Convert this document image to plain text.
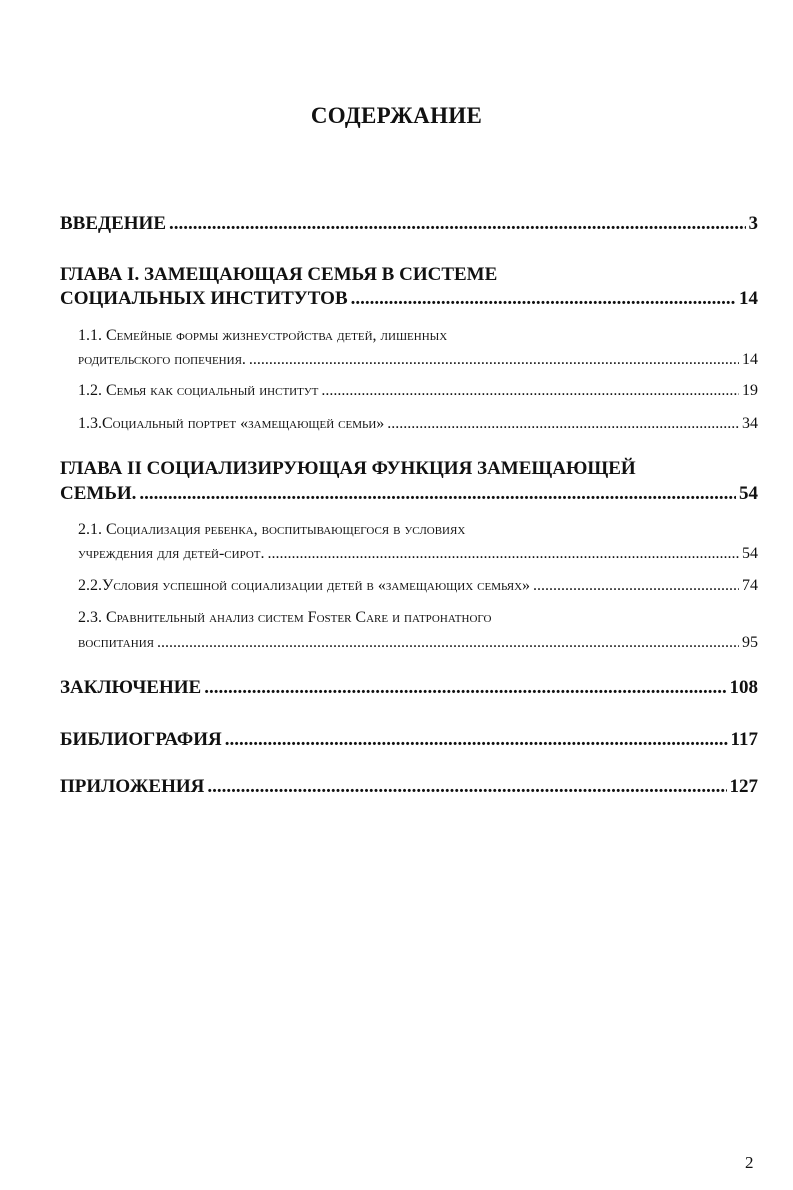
СОДЕРЖАНИЕ
ВВЕДЕНИЕ .....	3
ГЛАВА I. ЗАМЕЩАЮЩАЯ СЕМЬЯ В СИСТЕМЕ
СОЦИАЛЬНЫХ ИНСТИТУТОВ .....	14
1.1. Семейные формы жизнеустройства детей, лишенных
родительского попечения. .....	14
1.2. Семья как социальный институт .....	19
1.3.Социальный портрет «замещающей семьи» .....	34
ГЛАВА II СОЦИАЛИЗИРУЮЩАЯ ФУНКЦИЯ ЗАМЕЩАЮЩЕЙ
СЕМЬИ. .....	54
2.1. Социализация ребенка, воспитывающегося в условиях
учреждения для детей-сирот. .....	54
2.2.Условия успешной социализации детей в «замещающих семьях» .....	74
2.3. Сравнительный анализ систем Foster Care и патронатного
воспитания .....	95
ЗАКЛЮЧЕНИЕ .....	108
БИБЛИОГРАФИЯ .....	117
ПРИЛОЖЕНИЯ .....	127
2
